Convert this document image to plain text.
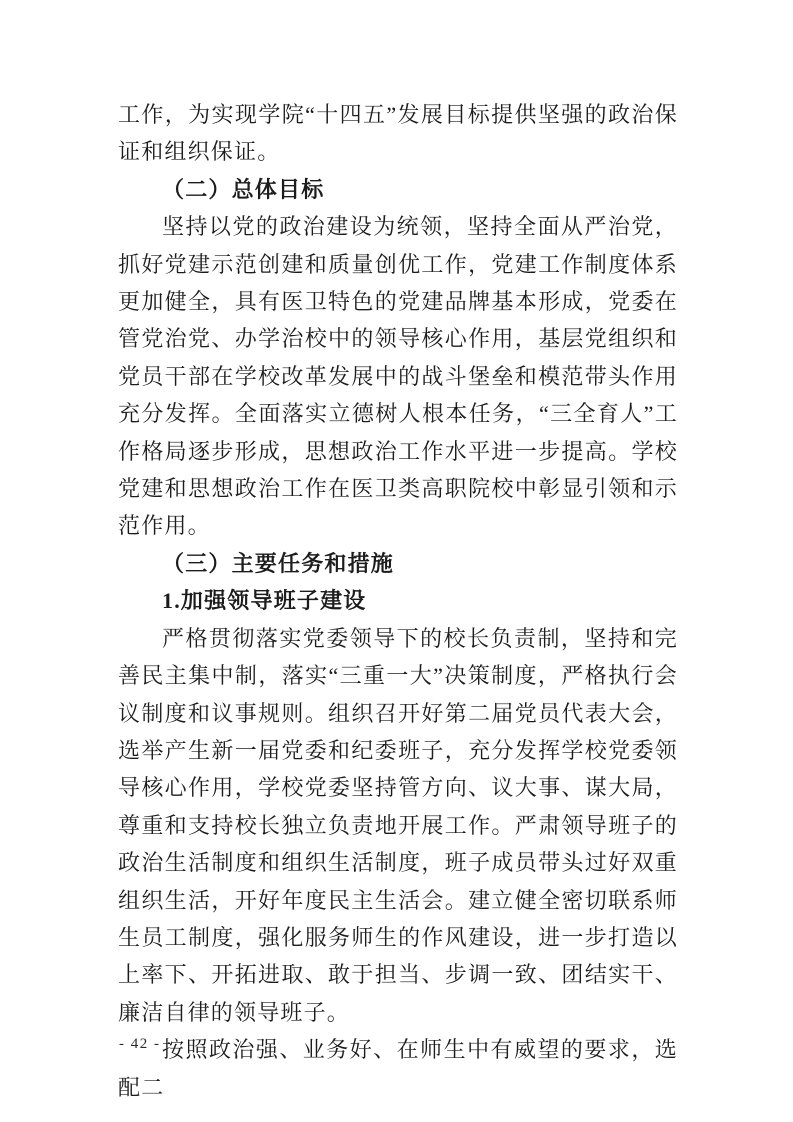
工作，为实现学院“十四五”发展目标提供坚强的政治保证和组织保证。

（二）总体目标

坚持以党的政治建设为统领，坚持全面从严治党，抓好党建示范创建和质量创优工作，党建工作制度体系更加健全，具有医卫特色的党建品牌基本形成，党委在管党治党、办学治校中的领导核心作用，基层党组织和党员干部在学校改革发展中的战斗堡垒和模范带头作用充分发挥。全面落实立德树人根本任务，“三全育人”工作格局逐步形成，思想政治工作水平进一步提高。学校党建和思想政治工作在医卫类高职院校中彰显引领和示范作用。

（三）主要任务和措施

1.加强领导班子建设

严格贯彻落实党委领导下的校长负责制，坚持和完善民主集中制，落实“三重一大”决策制度，严格执行会议制度和议事规则。组织召开好第二届党员代表大会，选举产生新一届党委和纪委班子，充分发挥学校党委领导核心作用，学校党委坚持管方向、议大事、谋大局，尊重和支持校长独立负责地开展工作。严肃领导班子的政治生活制度和组织生活制度，班子成员带头过好双重组织生活，开好年度民主生活会。建立健全密切联系师生员工制度，强化服务师生的作风建设，进一步打造以上率下、开拓进取、敢于担当、步调一致、团结实干、廉洁自律的领导班子。

按照政治强、业务好、在师生中有威望的要求，选配二

- 42 -
